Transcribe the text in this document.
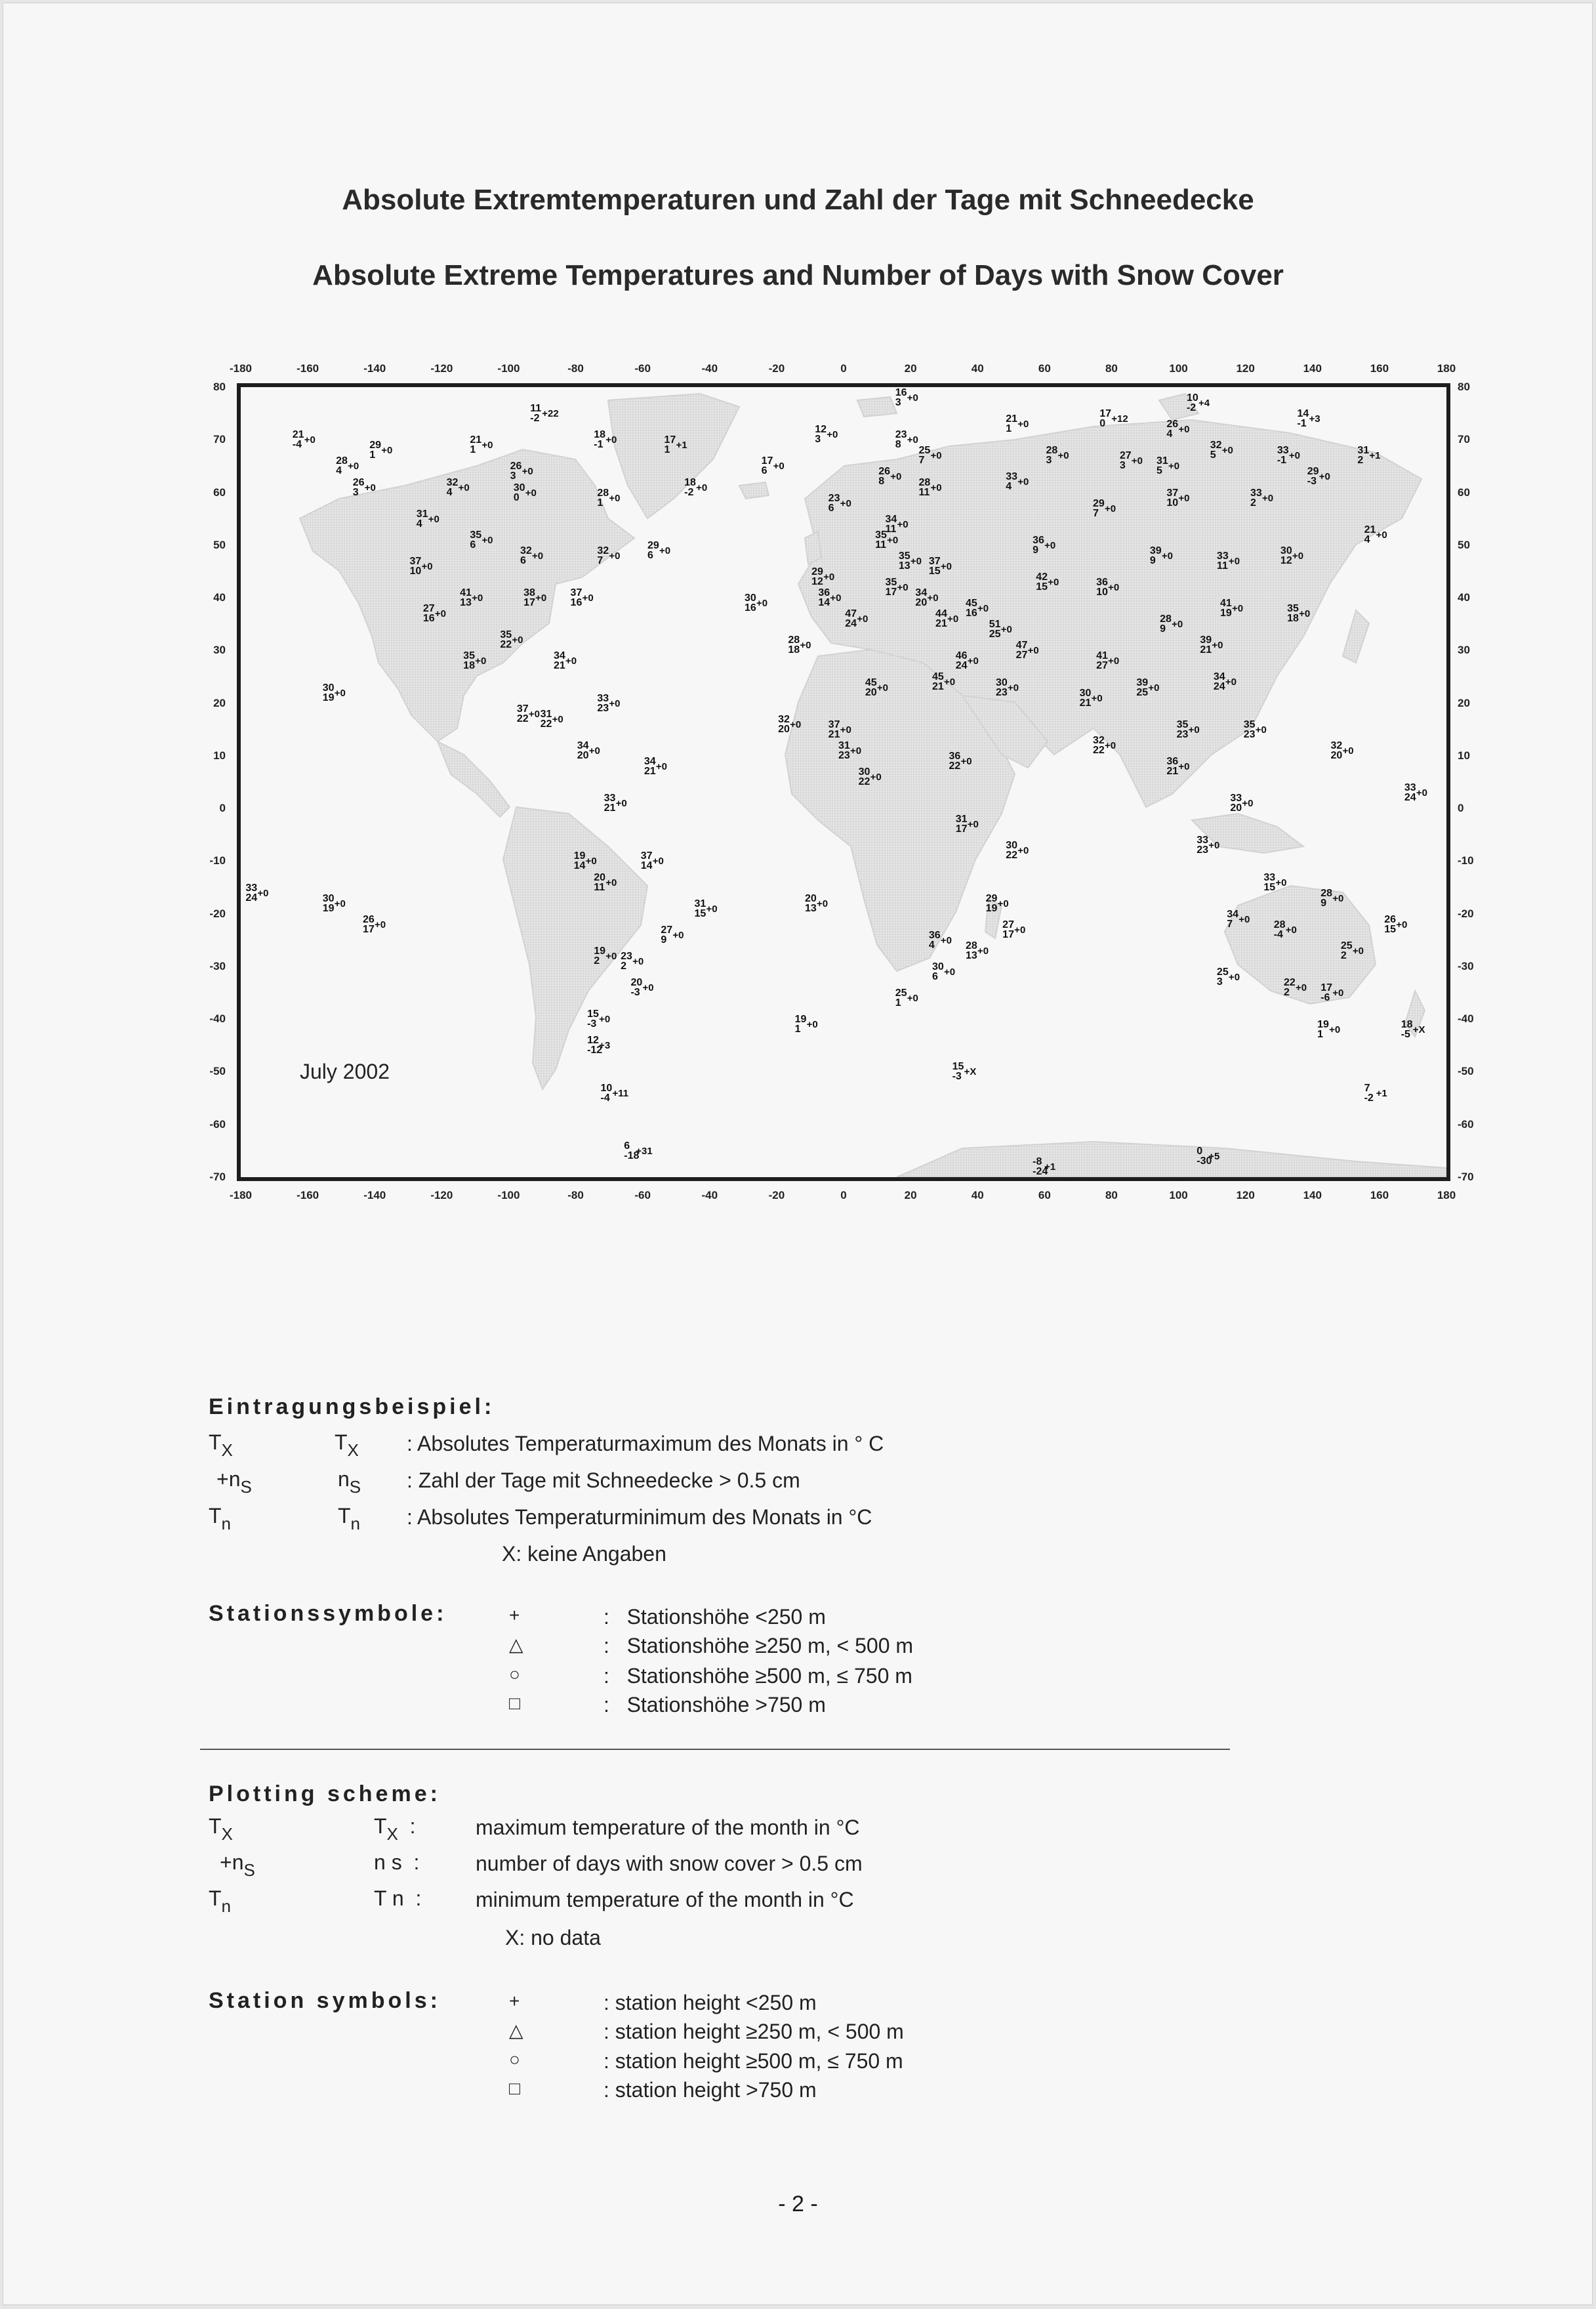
Absolute Extremtemperaturen und Zahl der Tage mit Schneedecke
Absolute Extreme Temperatures and Number of Days with Snow Cover
-180
-180
-160
-160
-140
-140
-120
-120
-100
-100
-80
-80
-60
-60
-40
-40
-20
-20
0
0
20
20
40
40
60
60
80
80
100
100
120
120
140
140
160
160
180
180
80	80
70	70
60	60
50	50
40	40
30	30
20	20
10	10
0	0
-10	-10
-20	-20
-30	-30
-40	-40
-50	-50
-60	-60
-70	-70
July 2002
16 + 0
3	10 + 4
-2
14 + 3
-1
11 + 22
-2
21 + 0
-4	29 + 0
1
21 + 0
1
18 + 0
-1	17 + 1
1
12 + 0
3	23 + 0
8
25 + 0
7
21 + 0
1
17 + 12
0	26 + 0
4
32 + 0
5	33 + 0
-1
31 + 1
2
28 + 0
4
26 + 0
3
26 + 0
3
32 + 0
4	30 + 0
0	28 + 0
1
18 + 0
-2
17 + 0
6
23 + 0
6
26 + 0
8	28 + 0
11
33 + 0
4
28 + 0
3	27 + 0
3	31 + 0
5
37 + 0
10
33 + 0
2
29 + 0
-3
21 + 0
4
31 + 0
4
35 + 0
6
37 + 0
10
32 + 0
6
32 + 0
7
29 + 0
6
41 + 0
13
27 + 0
16
38 + 0
17
37 + 0
16
35 + 0
22
35 + 0
18
34 + 0
21
37 + 0
22 31 + 0
22
33 + 0
23
34 + 0
20
34 + 0
21
30 + 0
19
30 + 0
16
29 + 0
12
36 + 0
14
28 + 0
18
47 + 0
24
32 + 0
20	37 + 0
21
31 + 0
23
30 + 0
22
35 + 0
11
34 + 0
11
35 + 0
13 37 + 0
15
35 + 0
17 34 + 0
20
44 + 0
21
45 + 0
16
51 + 0
25
47 + 0
27
46 + 0
24
45 + 0
21	30 + 0
23
45 + 0
20
36 + 0
22
31 + 0
17
30 + 0
22
29 + 0
19
27 + 0
17
28 + 0
13
36 + 0
4
30 + 0
6
25 + 0
1
20 + 0
13
19 + 0
1
15 + X
-3
36 + 0
9
42 + 0
15
29 + 0
7
36 + 0
10
39 + 0
9	33 + 0
11
41 + 0
19
30 + 0
12
35 + 0
18
28 + 0
9
39 + 0
21
34 + 0
24
41 + 0
27
30 + 0
21
39 + 0
25
32 + 0
22
35 + 0
23
35 + 0
23
36 + 0
21
33 + 0
20
33 + 0
23
32 + 0
20
33 + 0
24
33 + 0
15
28 + 0
9
34 + 0
7	28 + 0
-4
25 + 0
2
26 + 0
15
25 + 0
3	22 + 0
2	17 + 0
-6
19 + 0
1
18 + X
-5
7	+ 1
-2
33 + 0
21
19 + 0
14
20 + 0
11
37 + 0
14
31 + 0
15
27 + 0
9
19 + 0
2	23 + 0
2
20 + 0
-3
15 + 0
-3
12 + 3
-12
10 + 11
-4
6	+ 31
-18
33 + 0
24	30 + 0
19
26 + 0
17
-8 + 1
-24
0	+ 5
-30
Eintragungsbeispiel:
$T_X$	$T_X$ : Absolutes Temperaturmaximum des Monats in ° C
$+n_S$	$n_S$ : Zahl der Tage mit Schneedecke > 0.5 cm
$T_n$	$T_n$ : Absolutes Temperaturminimum des Monats in °C
X: keine Angaben
Stationssymbole:	+	:   Stationshöhe <250 m
△	:   Stationshöhe ≥250 m, < 500 m
○	:   Stationshöhe ≥500 m, ≤ 750 m
□	:   Stationshöhe >750 m
Plotting scheme:
$T_X$	$T_X$  :	maximum temperature of the month in °C
$+n_S$	n s  :	number of days with snow cover > 0.5 cm
$T_n$	T n  :	minimum temperature of the month in °C
X: no data
Station symbols:	+	: station height <250 m
△	: station height ≥250 m, < 500 m
○	: station height ≥500 m, ≤ 750 m
□	: station height >750 m
- 2 -
